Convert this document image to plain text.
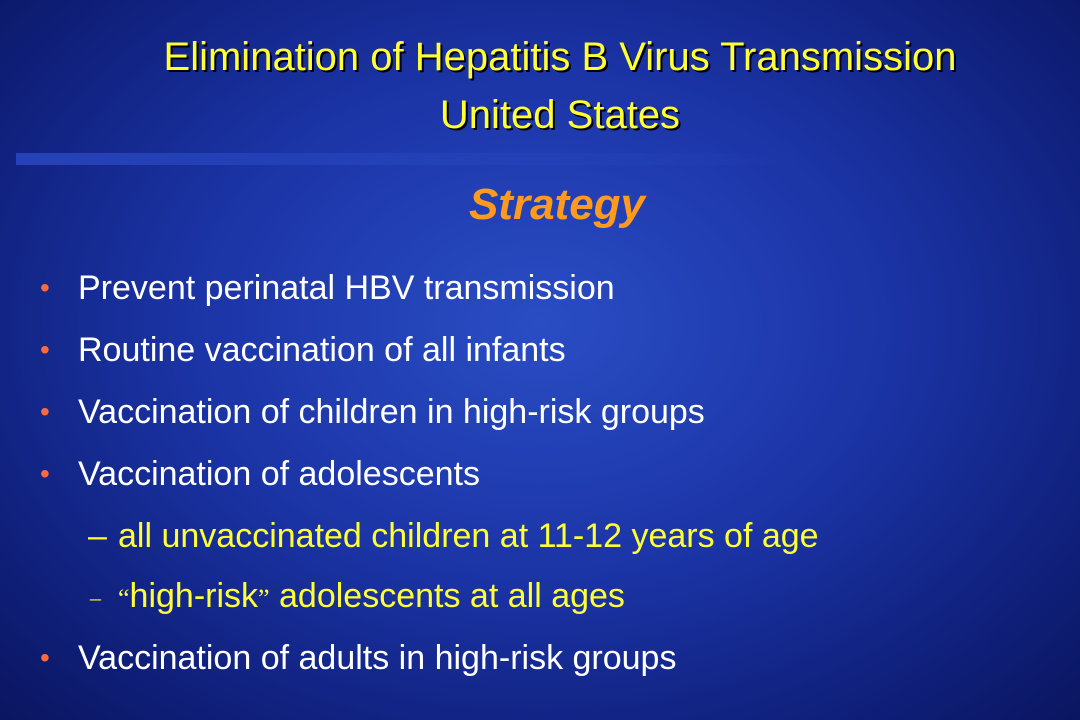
Elimination of Hepatitis B Virus Transmission
United States
Strategy
• Prevent perinatal HBV transmission
• Routine vaccination of all infants
• Vaccination of children in high-risk groups
• Vaccination of adolescents
– all unvaccinated children at 11-12 years of age
– “high-risk” adolescents at all ages
• Vaccination of adults in high-risk groups
